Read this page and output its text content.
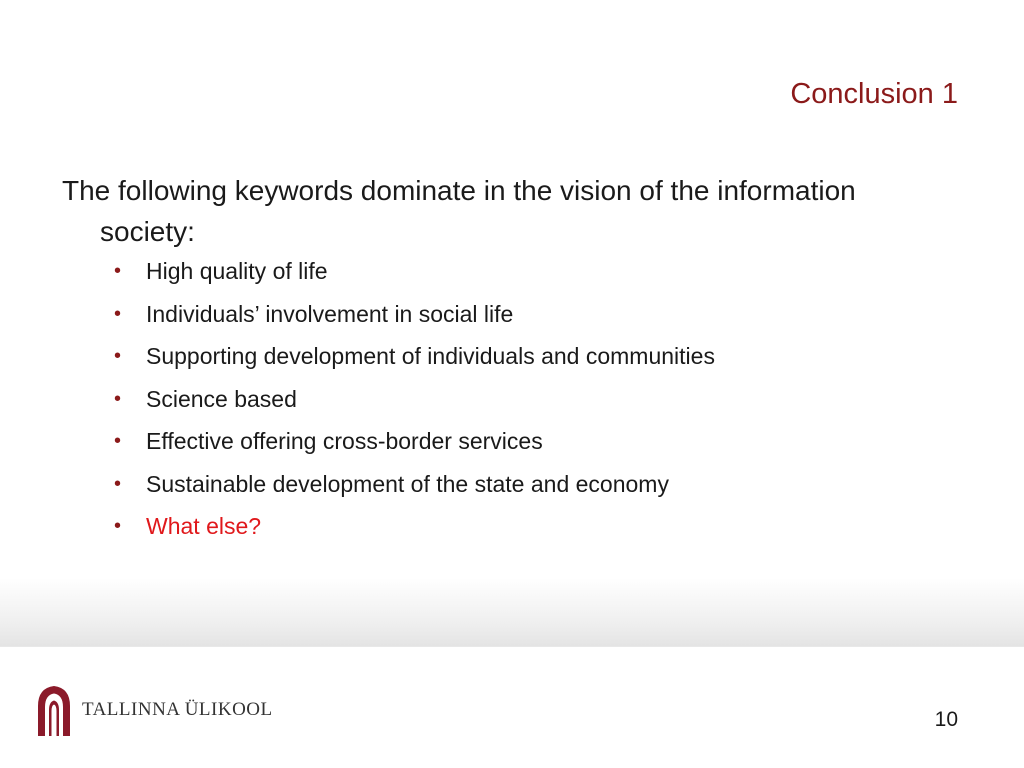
Conclusion 1

The following keywords dominate in the vision of the information society:

• High quality of life
• Individuals’ involvement in social life
• Supporting development of individuals and communities
• Science based
• Effective offering cross-border services
• Sustainable development of the state and economy
• What else?
TALLINNA ÜLIKOOL	10
